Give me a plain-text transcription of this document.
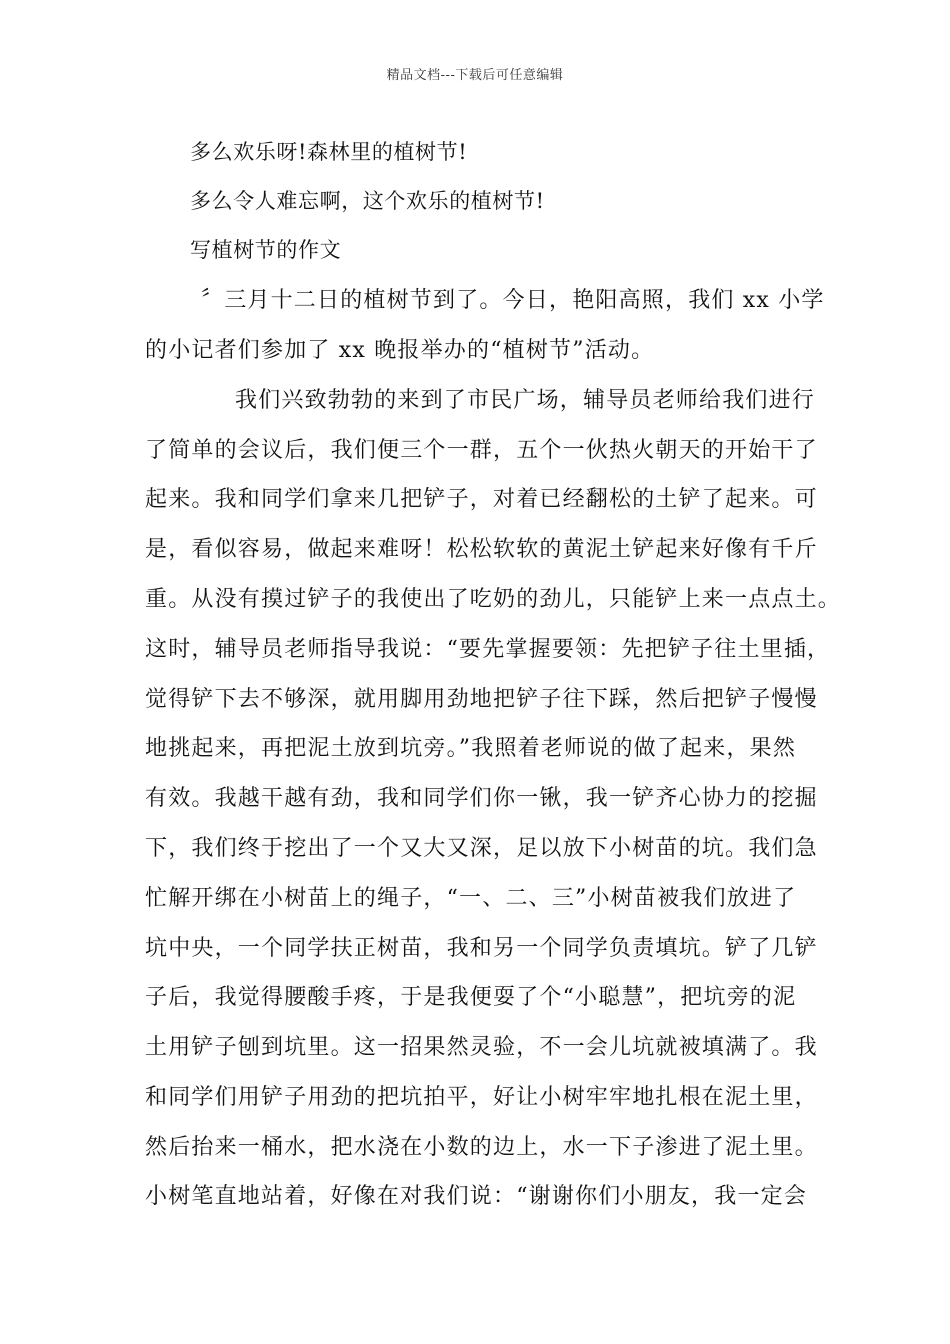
精品文档---下载后可任意编辑
多么欢乐呀!森林里的植树节!
多么令人难忘啊，这个欢乐的植树节!
写植树节的作文
〞三月十二日的植树节到了。今日，艳阳高照，我们 xx 小学
的小记者们参加了 xx 晚报举办的“植树节”活动。
我们兴致勃勃的来到了市民广场，辅导员老师给我们进行
了简单的会议后，我们便三个一群，五个一伙热火朝天的开始干了
起来。我和同学们拿来几把铲子，对着已经翻松的土铲了起来。可
是，看似容易，做起来难呀！松松软软的黄泥土铲起来好像有千斤
重。从没有摸过铲子的我使出了吃奶的劲儿，只能铲上来一点点土。
这时，辅导员老师指导我说：“要先掌握要领：先把铲子往土里插，
觉得铲下去不够深，就用脚用劲地把铲子往下踩，然后把铲子慢慢
地挑起来，再把泥土放到坑旁。”我照着老师说的做了起来，果然
有效。我越干越有劲，我和同学们你一锹，我一铲齐心协力的挖掘
下，我们终于挖出了一个又大又深，足以放下小树苗的坑。我们急
忙解开绑在小树苗上的绳子，“一、二、三”小树苗被我们放进了
坑中央，一个同学扶正树苗，我和另一个同学负责填坑。铲了几铲
子后，我觉得腰酸手疼，于是我便耍了个“小聪慧”，把坑旁的泥
土用铲子刨到坑里。这一招果然灵验，不一会儿坑就被填满了。我
和同学们用铲子用劲的把坑拍平，好让小树牢牢地扎根在泥土里，
然后抬来一桶水，把水浇在小数的边上，水一下子渗进了泥土里。
小树笔直地站着，好像在对我们说：“谢谢你们小朋友，我一定会
